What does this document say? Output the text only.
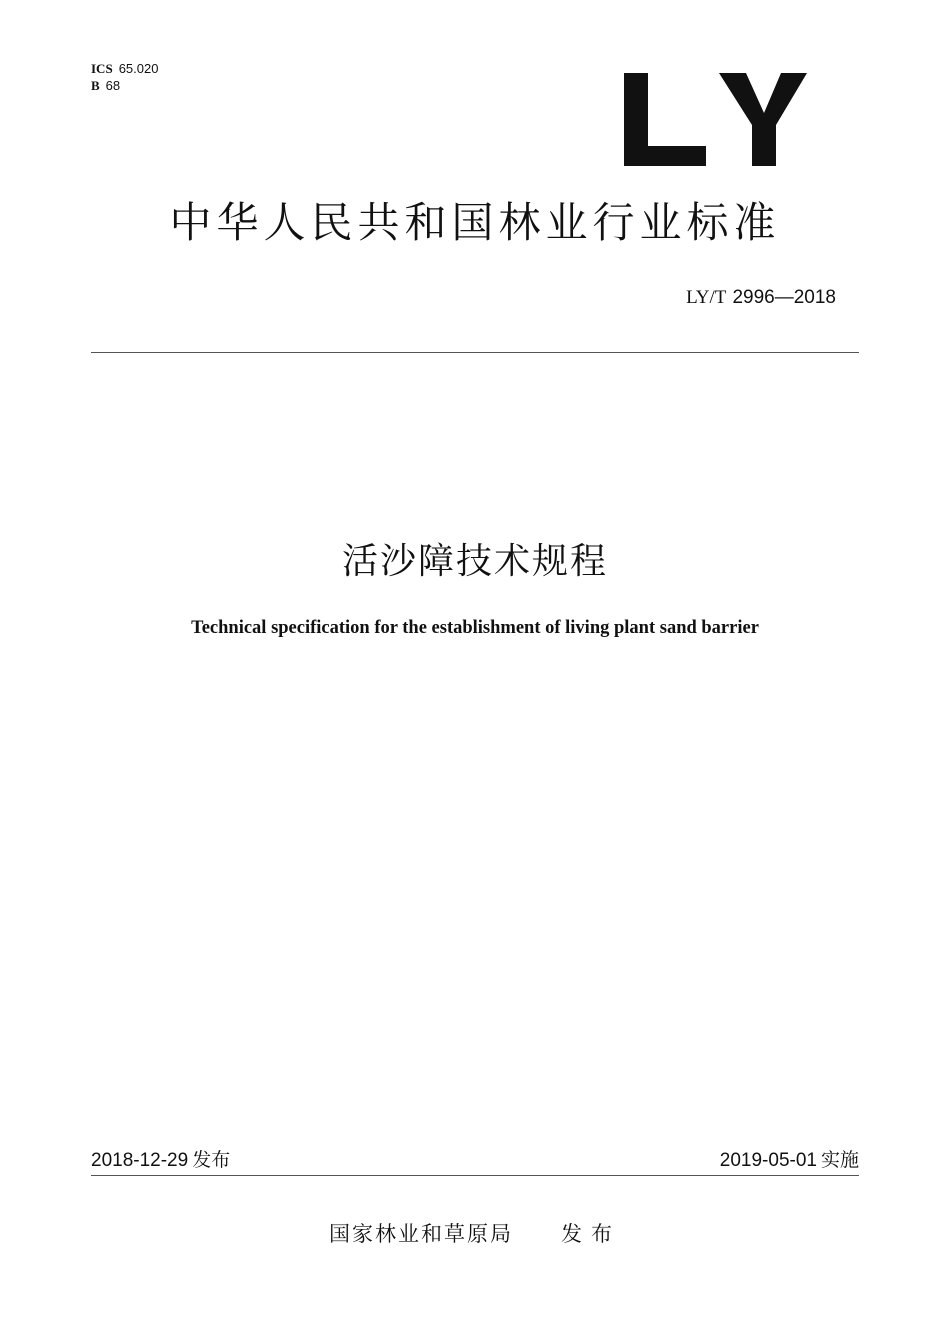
ICS 65.020
B 68
中华人民共和国林业行业标准
LY/T 2996—2018
活沙障技术规程
Technical specification for the establishment of living plant sand barrier
2018-12-29 发布	2019-05-01 实施
国家林业和草原局 发布
